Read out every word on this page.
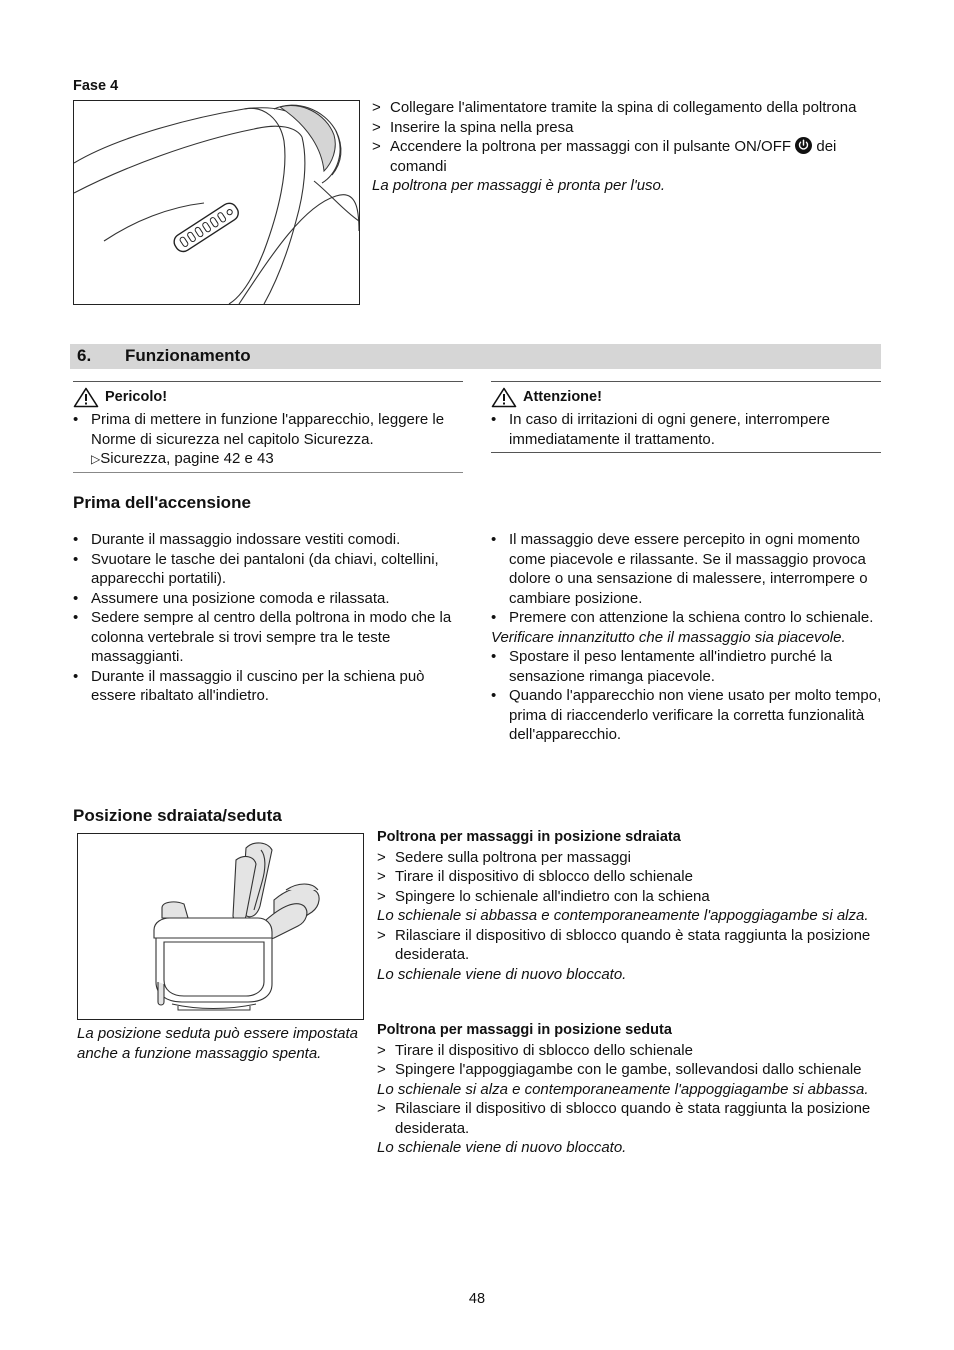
Fase 4
> Collegare l'alimentatore tramite la spina di collegamento della poltrona
> Inserire la spina nella presa
> Accendere la poltrona per massaggi con il pulsante ON/OFF dei comandi
La poltrona per massaggi è pronta per l'uso.
6. Funzionamento
Pericolo!
• Prima di mettere in funzione l'apparecchio, leggere le Norme di sicurezza nel capitolo Sicurezza.
▷Sicurezza, pagine 42 e 43
Attenzione!
• In caso di irritazioni di ogni genere, interrompere immediatamente il trattamento.
Prima dell'accensione
• Durante il massaggio indossare vestiti comodi.
• Svuotare le tasche dei pantaloni (da chiavi, coltellini, apparecchi portatili).
• Assumere una posizione comoda e rilassata.
• Sedere sempre al centro della poltrona in modo che la colonna vertebrale si trovi sempre tra le teste massaggianti.
• Durante il massaggio il cuscino per la schiena può essere ribaltato all'indietro.
• Il massaggio deve essere percepito in ogni momento come piacevole e rilassante. Se il massaggio provoca dolore o una sensazione di malessere, interrompere o cambiare posizione.
• Premere con attenzione la schiena contro lo schienale.
Verificare innanzitutto che il massaggio sia piacevole.
• Spostare il peso lentamente all'indietro purché la sensazione rimanga piacevole.
• Quando l'apparecchio non viene usato per molto tempo, prima di riaccenderlo verificare la corretta funzionalità dell'apparecchio.
Posizione sdraiata/seduta
La posizione seduta può essere impostata anche a funzione massaggio spenta.
Poltrona per massaggi in posizione sdraiata
> Sedere sulla poltrona per massaggi
> Tirare il dispositivo di sblocco dello schienale
> Spingere lo schienale all'indietro con la schiena
Lo schienale si abbassa e contemporaneamente l'appoggiagambe si alza.
> Rilasciare il dispositivo di sblocco quando è stata raggiunta la posizione desiderata.
Lo schienale viene di nuovo bloccato.
Poltrona per massaggi in posizione seduta
> Tirare il dispositivo di sblocco dello schienale
> Spingere l'appoggiagambe con le gambe, sollevandosi dallo schienale
Lo schienale si alza e contemporaneamente l'appoggiagambe si abbassa.
> Rilasciare il dispositivo di sblocco quando è stata raggiunta la posizione desiderata.
Lo schienale viene di nuovo bloccato.
48
